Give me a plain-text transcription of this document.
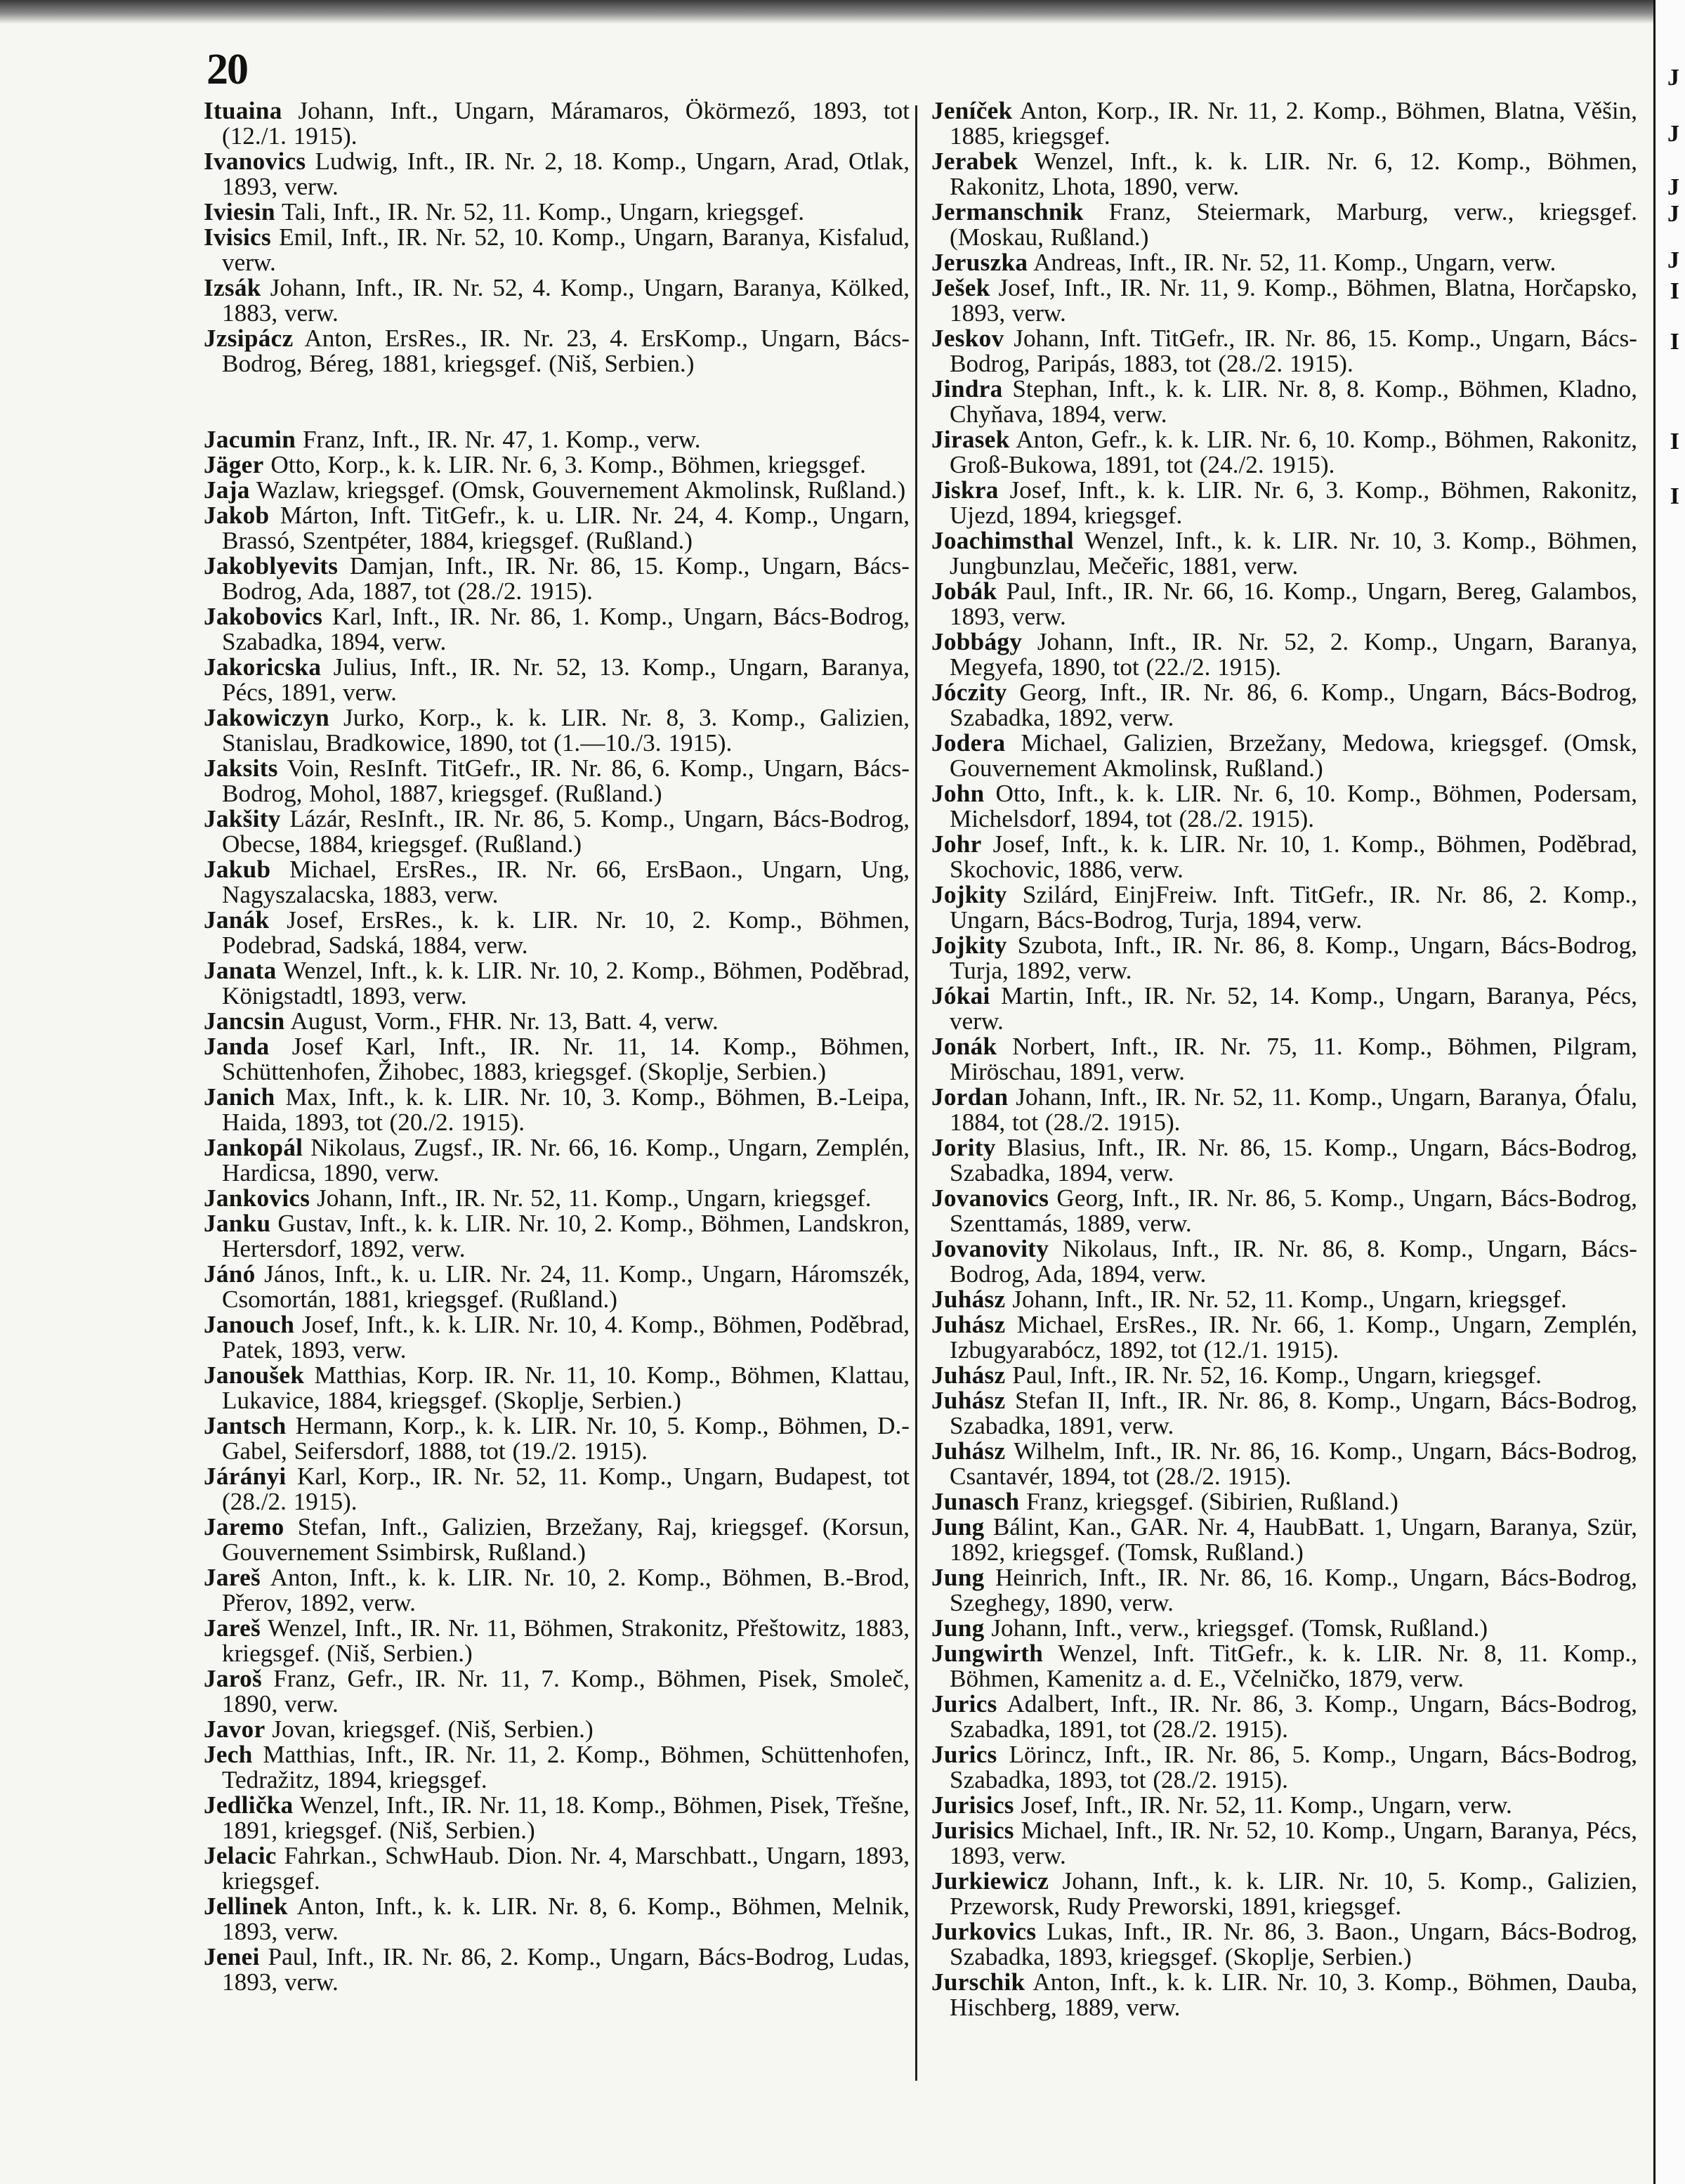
J
J
J
J
J
I
I
I
I
20

Ituaina Johann, Inft., Ungarn, Máramaros, Ökörmező, 1893, tot (12./1. 1915).

Ivanovics Ludwig, Inft., IR. Nr. 2, 18. Komp., Ungarn, Arad, Otlak, 1893, verw.

Iviesin Tali, Inft., IR. Nr. 52, 11. Komp., Ungarn, kriegsgef.

Ivisics Emil, Inft., IR. Nr. 52, 10. Komp., Ungarn, Baranya, Kisfalud, verw.

Izsák Johann, Inft., IR. Nr. 52, 4. Komp., Ungarn, Baranya, Kölked, 1883, verw.

Jzsipácz Anton, ErsRes., IR. Nr. 23, 4. ErsKomp., Ungarn, Bács-Bodrog, Béreg, 1881, kriegsgef. (Niš, Serbien.)

Jacumin Franz, Inft., IR. Nr. 47, 1. Komp., verw.

Jäger Otto, Korp., k. k. LIR. Nr. 6, 3. Komp., Böhmen, kriegsgef.

Jaja Wazlaw, kriegsgef. (Omsk, Gouvernement Akmolinsk, Rußland.)

Jakob Márton, Inft. TitGefr., k. u. LIR. Nr. 24, 4. Komp., Ungarn, Brassó, Szentpéter, 1884, kriegsgef. (Rußland.)

Jakoblyevits Damjan, Inft., IR. Nr. 86, 15. Komp., Ungarn, Bács-Bodrog, Ada, 1887, tot (28./2. 1915).

Jakobovics Karl, Inft., IR. Nr. 86, 1. Komp., Ungarn, Bács-Bodrog, Szabadka, 1894, verw.

Jakoricska Julius, Inft., IR. Nr. 52, 13. Komp., Ungarn, Baranya, Pécs, 1891, verw.

Jakowiczyn Jurko, Korp., k. k. LIR. Nr. 8, 3. Komp., Galizien, Stanislau, Bradkowice, 1890, tot (1.—10./3. 1915).

Jaksits Voin, ResInft. TitGefr., IR. Nr. 86, 6. Komp., Ungarn, Bács-Bodrog, Mohol, 1887, kriegsgef. (Rußland.)

Jakšity Lázár, ResInft., IR. Nr. 86, 5. Komp., Ungarn, Bács-Bodrog, Obecse, 1884, kriegsgef. (Rußland.)

Jakub Michael, ErsRes., IR. Nr. 66, ErsBaon., Ungarn, Ung, Nagyszalacska, 1883, verw.

Janák Josef, ErsRes., k. k. LIR. Nr. 10, 2. Komp., Böhmen, Podebrad, Sadská, 1884, verw.

Janata Wenzel, Inft., k. k. LIR. Nr. 10, 2. Komp., Böhmen, Poděbrad, Königstadtl, 1893, verw.

Jancsin August, Vorm., FHR. Nr. 13, Batt. 4, verw.

Janda Josef Karl, Inft., IR. Nr. 11, 14. Komp., Böhmen, Schüttenhofen, Žihobec, 1883, kriegsgef. (Skoplje, Serbien.)

Janich Max, Inft., k. k. LIR. Nr. 10, 3. Komp., Böhmen, B.-Leipa, Haida, 1893, tot (20./2. 1915).

Jankopál Nikolaus, Zugsf., IR. Nr. 66, 16. Komp., Ungarn, Zemplén, Hardicsa, 1890, verw.

Jankovics Johann, Inft., IR. Nr. 52, 11. Komp., Ungarn, kriegsgef.

Janku Gustav, Inft., k. k. LIR. Nr. 10, 2. Komp., Böhmen, Landskron, Hertersdorf, 1892, verw.

Jánó János, Inft., k. u. LIR. Nr. 24, 11. Komp., Ungarn, Háromszék, Csomortán, 1881, kriegsgef. (Rußland.)

Janouch Josef, Inft., k. k. LIR. Nr. 10, 4. Komp., Böhmen, Poděbrad, Patek, 1893, verw.

Janoušek Matthias, Korp. IR. Nr. 11, 10. Komp., Böhmen, Klattau, Lukavice, 1884, kriegsgef. (Skoplje, Serbien.)

Jantsch Hermann, Korp., k. k. LIR. Nr. 10, 5. Komp., Böhmen, D.-Gabel, Seifersdorf, 1888, tot (19./2. 1915).

Járányi Karl, Korp., IR. Nr. 52, 11. Komp., Ungarn, Budapest, tot (28./2. 1915).

Jaremo Stefan, Inft., Galizien, Brzežany, Raj, kriegsgef. (Korsun, Gouvernement Ssimbirsk, Rußland.)

Jareš Anton, Inft., k. k. LIR. Nr. 10, 2. Komp., Böhmen, B.-Brod, Přerov, 1892, verw.

Jareš Wenzel, Inft., IR. Nr. 11, Böhmen, Strakonitz, Přeštowitz, 1883, kriegsgef. (Niš, Serbien.)

Jaroš Franz, Gefr., IR. Nr. 11, 7. Komp., Böhmen, Pisek, Smoleč, 1890, verw.

Javor Jovan, kriegsgef. (Niš, Serbien.)

Jech Matthias, Inft., IR. Nr. 11, 2. Komp., Böhmen, Schüttenhofen, Tedražitz, 1894, kriegsgef.

Jedlička Wenzel, Inft., IR. Nr. 11, 18. Komp., Böhmen, Pisek, Třešne, 1891, kriegsgef. (Niš, Serbien.)

Jelacic Fahrkan., SchwHaub. Dion. Nr. 4, Marschbatt., Ungarn, 1893, kriegsgef.

Jellinek Anton, Inft., k. k. LIR. Nr. 8, 6. Komp., Böhmen, Melnik, 1893, verw.

Jenei Paul, Inft., IR. Nr. 86, 2. Komp., Ungarn, Bács-Bodrog, Ludas, 1893, verw.

Jeníček Anton, Korp., IR. Nr. 11, 2. Komp., Böhmen, Blatna, Věšin, 1885, kriegsgef.

Jerabek Wenzel, Inft., k. k. LIR. Nr. 6, 12. Komp., Böhmen, Rakonitz, Lhota, 1890, verw.

Jermanschnik Franz, Steiermark, Marburg, verw., kriegsgef. (Moskau, Rußland.)

Jeruszka Andreas, Inft., IR. Nr. 52, 11. Komp., Ungarn, verw.

Ješek Josef, Inft., IR. Nr. 11, 9. Komp., Böhmen, Blatna, Horčapsko, 1893, verw.

Jeskov Johann, Inft. TitGefr., IR. Nr. 86, 15. Komp., Ungarn, Bács-Bodrog, Paripás, 1883, tot (28./2. 1915).

Jindra Stephan, Inft., k. k. LIR. Nr. 8, 8. Komp., Böhmen, Kladno, Chyňava, 1894, verw.

Jirasek Anton, Gefr., k. k. LIR. Nr. 6, 10. Komp., Böhmen, Rakonitz, Groß-Bukowa, 1891, tot (24./2. 1915).

Jiskra Josef, Inft., k. k. LIR. Nr. 6, 3. Komp., Böhmen, Rakonitz, Ujezd, 1894, kriegsgef.

Joachimsthal Wenzel, Inft., k. k. LIR. Nr. 10, 3. Komp., Böhmen, Jungbunzlau, Mečeřic, 1881, verw.

Jobák Paul, Inft., IR. Nr. 66, 16. Komp., Ungarn, Bereg, Galambos, 1893, verw.

Jobbágy Johann, Inft., IR. Nr. 52, 2. Komp., Ungarn, Baranya, Megyefa, 1890, tot (22./2. 1915).

Jóczity Georg, Inft., IR. Nr. 86, 6. Komp., Ungarn, Bács-Bodrog, Szabadka, 1892, verw.

Jodera Michael, Galizien, Brzežany, Medowa, kriegsgef. (Omsk, Gouvernement Akmolinsk, Rußland.)

John Otto, Inft., k. k. LIR. Nr. 6, 10. Komp., Böhmen, Podersam, Michelsdorf, 1894, tot (28./2. 1915).

Johr Josef, Inft., k. k. LIR. Nr. 10, 1. Komp., Böhmen, Poděbrad, Skochovic, 1886, verw.

Jojkity Szilárd, EinjFreiw. Inft. TitGefr., IR. Nr. 86, 2. Komp., Ungarn, Bács-Bodrog, Turja, 1894, verw.

Jojkity Szubota, Inft., IR. Nr. 86, 8. Komp., Ungarn, Bács-Bodrog, Turja, 1892, verw.

Jókai Martin, Inft., IR. Nr. 52, 14. Komp., Ungarn, Baranya, Pécs, verw.

Jonák Norbert, Inft., IR. Nr. 75, 11. Komp., Böhmen, Pilgram, Miröschau, 1891, verw.

Jordan Johann, Inft., IR. Nr. 52, 11. Komp., Ungarn, Baranya, Ófalu, 1884, tot (28./2. 1915).

Jority Blasius, Inft., IR. Nr. 86, 15. Komp., Ungarn, Bács-Bodrog, Szabadka, 1894, verw.

Jovanovics Georg, Inft., IR. Nr. 86, 5. Komp., Ungarn, Bács-Bodrog, Szenttamás, 1889, verw.

Jovanovity Nikolaus, Inft., IR. Nr. 86, 8. Komp., Ungarn, Bács-Bodrog, Ada, 1894, verw.

Juhász Johann, Inft., IR. Nr. 52, 11. Komp., Ungarn, kriegsgef.

Juhász Michael, ErsRes., IR. Nr. 66, 1. Komp., Ungarn, Zemplén, Izbugyarabócz, 1892, tot (12./1. 1915).

Juhász Paul, Inft., IR. Nr. 52, 16. Komp., Ungarn, kriegsgef.

Juhász Stefan II, Inft., IR. Nr. 86, 8. Komp., Ungarn, Bács-Bodrog, Szabadka, 1891, verw.

Juhász Wilhelm, Inft., IR. Nr. 86, 16. Komp., Ungarn, Bács-Bodrog, Csantavér, 1894, tot (28./2. 1915).

Junasch Franz, kriegsgef. (Sibirien, Rußland.)

Jung Bálint, Kan., GAR. Nr. 4, HaubBatt. 1, Ungarn, Baranya, Szür, 1892, kriegsgef. (Tomsk, Rußland.)

Jung Heinrich, Inft., IR. Nr. 86, 16. Komp., Ungarn, Bács-Bodrog, Szeghegy, 1890, verw.

Jung Johann, Inft., verw., kriegsgef. (Tomsk, Rußland.)

Jungwirth Wenzel, Inft. TitGefr., k. k. LIR. Nr. 8, 11. Komp., Böhmen, Kamenitz a. d. E., Včelničko, 1879, verw.

Jurics Adalbert, Inft., IR. Nr. 86, 3. Komp., Ungarn, Bács-Bodrog, Szabadka, 1891, tot (28./2. 1915).

Jurics Lörincz, Inft., IR. Nr. 86, 5. Komp., Ungarn, Bács-Bodrog, Szabadka, 1893, tot (28./2. 1915).

Jurisics Josef, Inft., IR. Nr. 52, 11. Komp., Ungarn, verw.

Jurisics Michael, Inft., IR. Nr. 52, 10. Komp., Ungarn, Baranya, Pécs, 1893, verw.

Jurkiewicz Johann, Inft., k. k. LIR. Nr. 10, 5. Komp., Galizien, Przeworsk, Rudy Preworski, 1891, kriegsgef.

Jurkovics Lukas, Inft., IR. Nr. 86, 3. Baon., Ungarn, Bács-Bodrog, Szabadka, 1893, kriegsgef. (Skoplje, Serbien.)

Jurschik Anton, Inft., k. k. LIR. Nr. 10, 3. Komp., Böhmen, Dauba, Hischberg, 1889, verw.
